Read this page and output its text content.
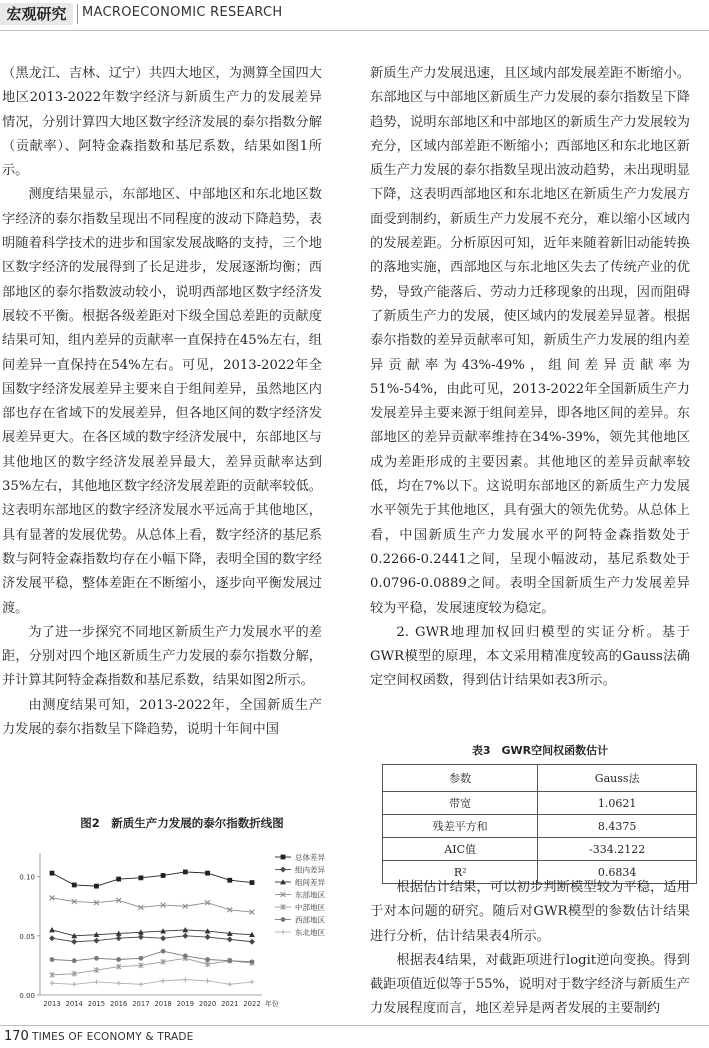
宏观研究	MACROECONOMIC RESEARCH

（黑龙江、吉林、辽宁）共四大地区，为测算全国四大地区2013-2022年数字经济与新质生产力的发展差异情况，分别计算四大地区数字经济发展的泰尔指数分解（贡献率）、阿特金森指数和基尼系数，结果如图1所示。

测度结果显示，东部地区、中部地区和东北地区数字经济的泰尔指数呈现出不同程度的波动下降趋势，表明随着科学技术的进步和国家发展战略的支持，三个地区数字经济的发展得到了长足进步，发展逐渐均衡；西部地区的泰尔指数波动较小，说明西部地区数字经济发展较不平衡。根据各级差距对下级全国总差距的贡献度结果可知，组内差异的贡献率一直保持在45%左右，组间差异一直保持在54%左右。可见，2013-2022年全国数字经济发展差异主要来自于组间差异，虽然地区内部也存在省域下的发展差异，但各地区间的数字经济发展差异更大。在各区域的数字经济发展中，东部地区与其他地区的数字经济发展差异最大，差异贡献率达到35%左右，其他地区数字经济发展差距的贡献率较低。这表明东部地区的数字经济发展水平远高于其他地区，具有显著的发展优势。从总体上看，数字经济的基尼系数与阿特金森指数均存在小幅下降，表明全国的数字经济发展平稳，整体差距在不断缩小，逐步向平衡发展过渡。

为了进一步探究不同地区新质生产力发展水平的差距，分别对四个地区新质生产力发展的泰尔指数分解，并计算其阿特金森指数和基尼系数，结果如图2所示。

由测度结果可知，2013-2022年，全国新质生产力发展的泰尔指数呈下降趋势，说明十年间中国

新质生产力发展迅速，且区域内部发展差距不断缩小。东部地区与中部地区新质生产力发展的泰尔指数呈下降趋势，说明东部地区和中部地区的新质生产力发展较为充分，区域内部差距不断缩小；西部地区和东北地区新质生产力发展的泰尔指数呈现出波动趋势，未出现明显下降，这表明西部地区和东北地区在新质生产力发展方面受到制约，新质生产力发展不充分，难以缩小区域内的发展差距。分析原因可知，近年来随着新旧动能转换的落地实施，西部地区与东北地区失去了传统产业的优势，导致产能落后、劳动力迁移现象的出现，因而阻碍了新质生产力的发展，使区域内的发展差异显著。根据泰尔指数的差异贡献率可知，新质生产力发展的组内差异贡献率为43%-49%，组间差异贡献率为51%-54%，由此可见，2013-2022年全国新质生产力发展差异主要来源于组间差异，即各地区间的差异。东部地区的差异贡献率维持在34%-39%，领先其他地区成为差距形成的主要因素。其他地区的差异贡献率较低，均在7%以下。这说明东部地区的新质生产力发展水平领先于其他地区，具有强大的领先优势。从总体上看，中国新质生产力发展水平的阿特金森指数处于0.2266-0.2441之间，呈现小幅波动，基尼系数处于0.0796-0.0889之间。表明全国新质生产力发展差异较为平稳，发展速度较为稳定。

2. GWR地理加权回归模型的实证分析。基于GWR模型的原理，本文采用精准度较高的Gauss法确定空间权函数，得到估计结果如表3所示。

表3　GWR空间权函数估计
参数	Gauss法
带宽	1.0621
残差平方和	8.4375
AIC值	-334.2122
R²	0.6834

根据估计结果，可以初步判断模型较为平稳，适用于对本问题的研究。随后对GWR模型的参数估计结果进行分析，估计结果表4所示。

根据表4结果，对截距项进行logit逆向变换。得到截距项值近似等于55%，说明对于数字经济与新质生产力发展程度而言，地区差异是两者发展的主要制约

图2　新质生产力发展的泰尔指数折线图
0.00
0.05
0.10
2013 2014 2015 2016 2017 2018 2019 2020 2021 2022 年份
总体差异
组内差异
组间差异
东部地区
中部地区
西部地区
东北地区
170 TIMES OF ECONOMY & TRADE
